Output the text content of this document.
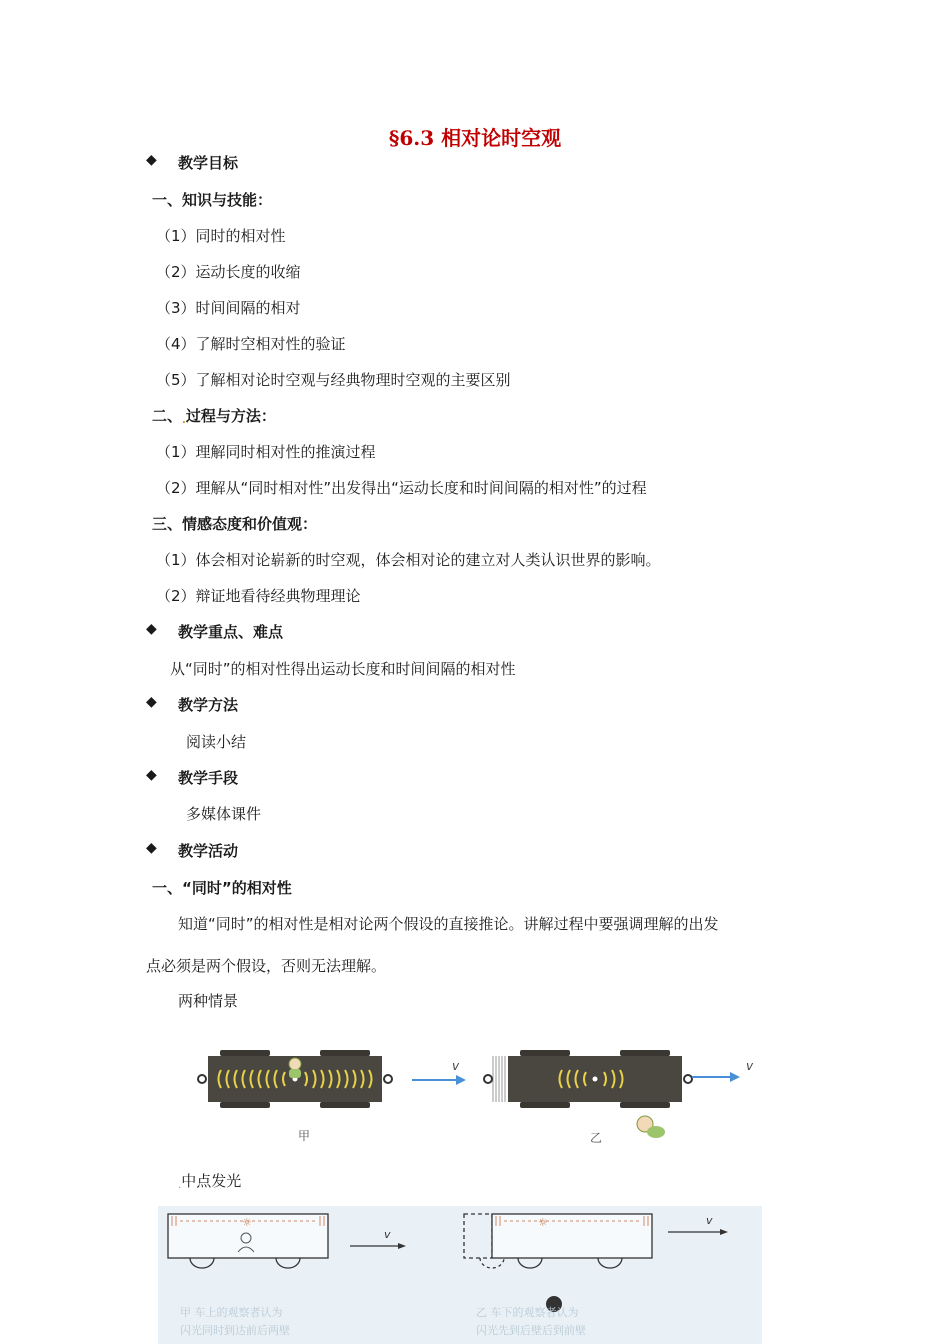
§6.3 相对论时空观
◆ 教学目标
一、知识与技能：
（1）同时的相对性
（2）运动长度的收缩
（3）时间间隔的相对
（4）了解时空相对性的验证
（5）了解相对论时空观与经典物理时空观的主要区别
二、.过程与方法：
（1）理解同时相对性的推演过程
（2）理解从“同时相对性”出发得出“运动长度和时间间隔的相对性”的过程
三、情感态度和价值观：
（1）体会相对论崭新的时空观，体会相对论的建立对人类认识世界的影响。
（2）辩证地看待经典物理理论
◆ 教学重点、难点
从“同时”的相对性得出运动长度和时间间隔的相对性
◆ 教学方法
阅读小结
◆ 教学手段
多媒体课件
◆ 教学活动
一、“同时”的相对性
知道“同时”的相对性是相对论两个假设的直接推论。讲解过程中要强调理解的出发
点必须是两个假设，否则无法理解。
两种情景
v
甲
v
乙
.中点发光
☼
v
甲 车上的观察者认为
闪光同时到达前后两壁
☼	v
乙 车下的观察者认为
闪光先到后壁后到前壁
